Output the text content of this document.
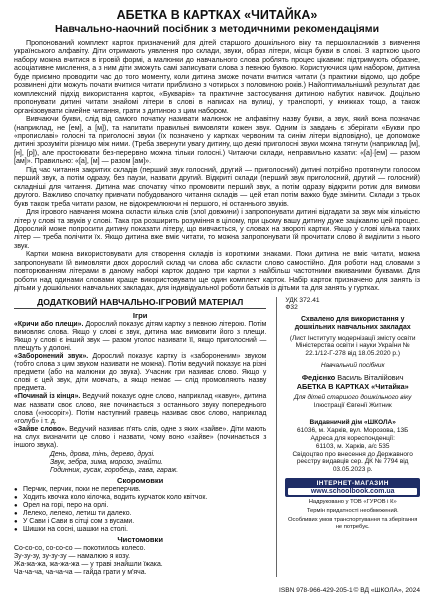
АБЕТКА В КАРТКАХ «ЧИТАЙКА»
Навчально-наочний посібник з методичними рекомендаціями

Пропонований комплект карток призначений для дітей старшого дошкільного віку та першокласників з вивчення українського алфавіту. Діти отримають уявлення про склади, звуки, образ літери, місця букви в слові. З карткою цього набору можна вчитися в ігровій формі, а малюнки до навчального слова роблять процес цікавим: підтримують образне, асоціативне мислення, а з ним діти зможуть самі записувати слова з певною буквою. Користуючися цим набором, дитина буде приємно проводити час до того моменту, коли дитина зможе почати вчитися читати (з практики відомо, що добре розвинені діти можуть почати вчитися читати приблизно з чотирьох з половиною років.) Найоптимальніший результат дає комплексний підхід використання карток, «Букварів» та практичне застосування дитиною набутих навичок. Доцільно пропонувати дитині читати знайомі літери в слові в написах на вулиці, у транспорті, у книжках тощо, а також організовувати сімейне читання, грати з дитиною з цим набором.

Вивчаючи букви, слід від самого початку називати малюнок не алфавітну назву букви, а звук, який вона позначає (наприклад, не [ем], а [м]), та напитати правильні вимовляти кожен звук. Одним із завдань є зберігати «Букви про «пропиславі» голосні та приголосні звуки (їх позначено у картках червоним та синім літери відповідно), це допоможе дитині зрозуміти різницю між ними. (Треба звернути увагу дитину, що деякі приголосні звуки можна тягнути (наприклад [м], [н], [р]), але простоювати без-перервно можна тільки голосні.) Читаючи склади, неправильно казати: «[а]·[ем] — разом [ам]». Правильно: «[а], [м] — разом [ам]».

Під час читання закритих складів (перший звук голосний, другий — приголосний) дитині потрібно протягнути голосом перший звук, а потім одразу, без паузи, назвати другий. Відкриті склади (перший звук приголосний, другий — голосний) складніші для читання. Дитина має спочатку чітко промовити перший звук, а потім одразу відкрити ротик для вимови другого. Важливо спочатку привчати побудованого читання складів — цей етап потім важко буде змінити. Склади з трьох букв також треба читати разом, не відокремлюючи ні першого, ні останнього звуків.

Для ігрового навчання можна скласти кілька слів (злої довжини) і запропонувати дитині відгадати за звук між кількістю літер у слові та звуків у слові. Така гра розширить розуміння в цілому, при цьому вашу дитину дуже зацікавлю цей процес. Дорослий може попросити дитину показати літеру, що вивчається, у словах на звороті картки. Якщо у слові кілька таких літер — треба полічити їх. Якщо дитина вже вміє читати, то можна запропонувати їй прочитати слово й виділити з нього звук.

Картки можна використовувати для створення складів із короткими знаками. Поки дитина не вміє читати, можна запропонувати їй вимовляти двох дорослий склад чи слова абс скласти слово самостійно. Для роботи над словами з повторюванням літерами в даному наборі карток додано три картки з найбільш частотними вживаними буквами. Для роботи над одинами словами краще використовувати ще один комплект карток. Набір карток призначено для занять із дітьми у дошкільних навчальних закладах, для індивідуальної роботи батьків із дітьми та для занять у гуртках.

ДОДАТКОВИЙ НАВЧАЛЬНО-ІГРОВИЙ МАТЕРІАЛ
Ігри

«Кричи або плещи». Дорослий показує дітям картку з певною літерою. Потім вимовляє слова. Якщо у слові є звук, дитина має вимовити його з плещи. Якщо у слові є інший звук — разом уголос називати її, якщо приголосний — плещуть у долоні.

«Заборонений звук». Дорослий показує картку із «забороненим» звуком (тобто слова з цим звуком називати не можна). Потім ведучий показує на різні предмети (або на малюнки до звука). Учасник гри називає слово. Якщо у слові є цей звук, діти мовчать, а якщо немає — слід промовляють назву предмета.

«Починай із кінця». Ведучий показує одне слово, наприклад «кавун», дитина має назвати своє слово, яке починається з останнього звуку попереднього слова («носоріг»). Потім наступний гравець називає своє слово, наприклад «голуб» і т. д.

«Зайве слово». Ведучий називає п'ять слів, одне з яких «зайве». Діти мають на слух визначити це слово і назвати, чому воно «зайве» (починається з іншого звука).

День, дрова, тінь, дерево, друзі.
Звук, зебра, зима, морозо, знайти.
Годинник, гусак, горобець, гава, гараж.
Скоромовки
● Перчик, перчик, поки не переперчив.
● Ходить квочка коло кілочка, водить курчаток коло квітчок.
● Орел на горі, перо на орлі.
● Лелеко, лелеко, летиш ти далеко.
● У Сави і Сави в сітці сом з вусами.
● Шишки на сосні, шашки на столі.
Чистомовки

Со-со-со, со-со-со — покотилось колесо.

Зу-зу-зу, зу-зу-зу — намалюю я козу.

Жа-жа-жа, жа-жа-жа — у траві знайшли їжака.

Ча-ча-ча, ча-ча-ча — гайда грати у м'ячa.

УДК 372.41

Ф32

Схвалено для використання у дошкільних навчальних закладах

(Лист Інституту модернізації змісту освіти Міністерства освіти і науки України № 22.1/12-Г-278 від 18.05.2020 р.)

Навчальний посібник

Федієнко Василь Віталійович

АБЕТКА В КАРТКАХ «Читайка»

Для дітей старшого дошкільного віку

Ілюстрації Євгенії Житник

Видавничий дім «ШКОЛА»

61036, м. Харків, вул. Морозова, 13Б

Адреса для кореспонденції:

61103, м. Харків, а/с 535

Свідоцтво про внесення до Державного реєстру видавців сер. ДК № 7794 від 03.05.2023 р.

ІНТЕРНЕТ-МАГАЗИН
www.schoolbook.com.ua

Надруковано у ТОВ «ГУРОВ і К»

Термін придатності необмежений.

Особливих умов транспортування та зберігання не потребує.

ISBN 978-966-429-205-1 © ВД «ШКОЛА», 2024
